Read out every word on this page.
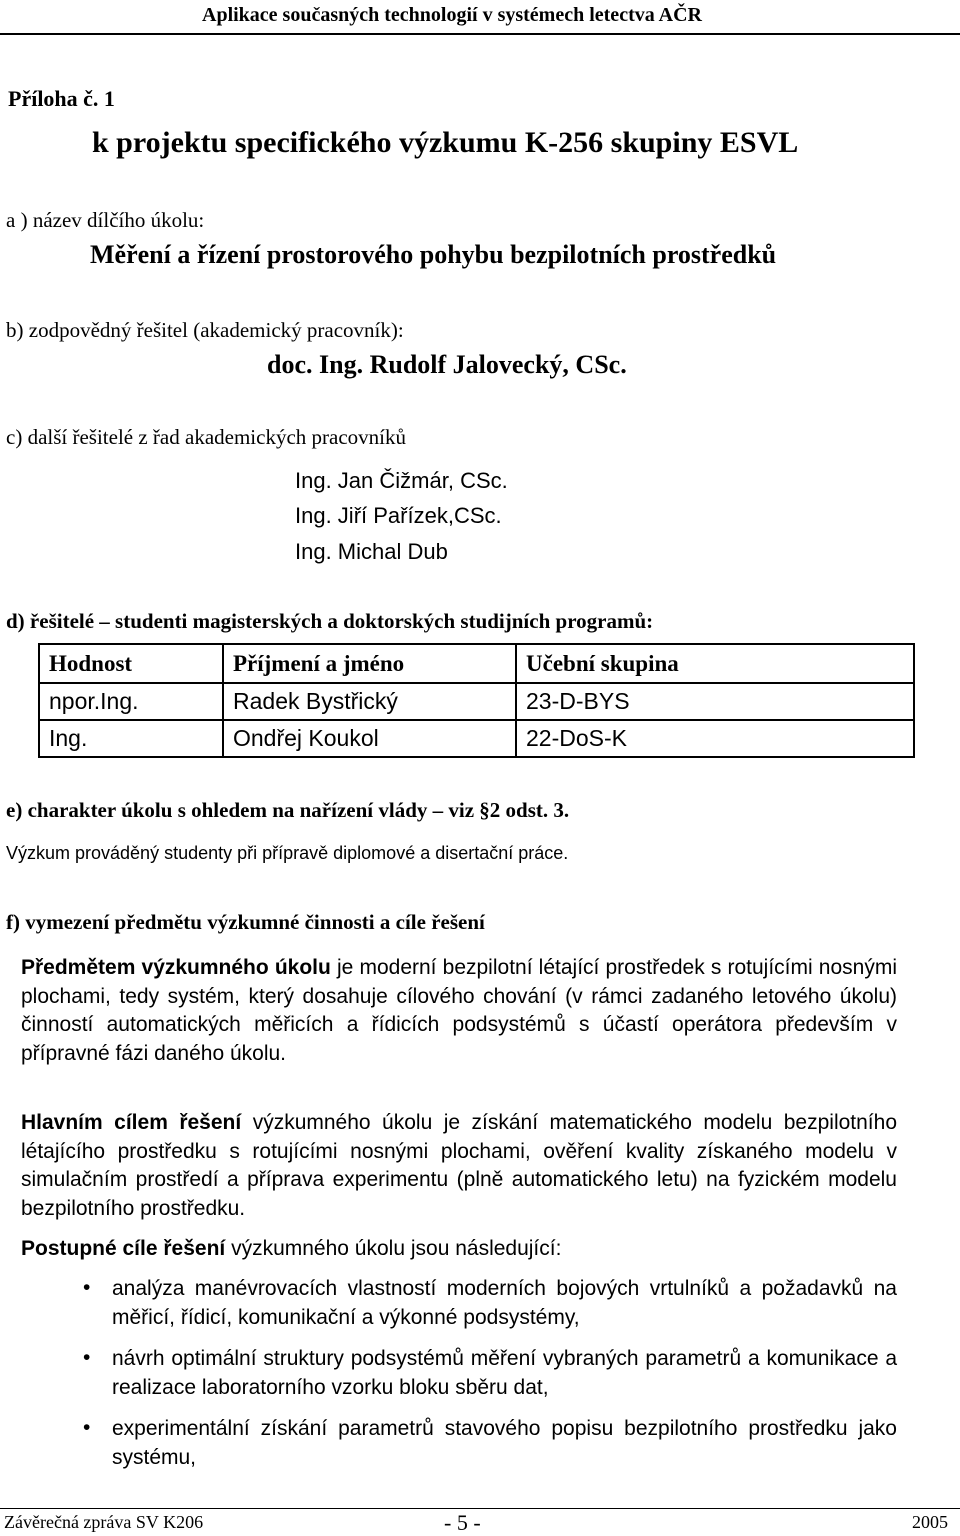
Aplikace současných technologií v systémech letectva AČR
Příloha č. 1
k projektu specifického výzkumu K-256 skupiny ESVL
a ) název dílčího úkolu:
Měření a řízení prostorového pohybu bezpilotních prostředků
b) zodpovědný řešitel (akademický pracovník):
doc. Ing. Rudolf Jalovecký, CSc.
c) další řešitelé z řad akademických pracovníků
Ing. Jan Čižmár, CSc.
Ing. Jiří Pařízek,CSc.
Ing. Michal Dub
d) řešitelé – studenti magisterských a doktorských studijních programů:
Hodnost	Příjmení a jméno	Učební skupina
npor.Ing.	Radek Bystřický	23-D-BYS
Ing.	Ondřej Koukol	22-DoS-K
e) charakter úkolu s ohledem na nařízení vlády – viz §2 odst. 3.
Výzkum prováděný studenty při přípravě diplomové a disertační práce.
f) vymezení předmětu výzkumné činnosti a cíle řešení
Předmětem výzkumného úkolu je moderní bezpilotní létající prostředek s rotujícími nosnými plochami, tedy systém, který dosahuje cílového chování (v rámci zadaného letového úkolu) činností automatických měřicích a řídicích podsystémů s účastí operátora především v přípravné fázi daného úkolu.
Hlavním cílem řešení výzkumného úkolu je získání matematického modelu bezpilotního létajícího prostředku s rotujícími nosnými plochami, ověření kvality získaného modelu v simulačním prostředí a příprava experimentu (plně automatického letu) na fyzickém modelu bezpilotního prostředku.
Postupné cíle řešení výzkumného úkolu jsou následující:
• analýza manévrovacích vlastností moderních bojových vrtulníků a požadavků na měřicí, řídicí, komunikační a výkonné podsystémy,
• návrh optimální struktury podsystémů měření vybraných parametrů a komunikace a realizace laboratorního vzorku bloku sběru dat,
• experimentální získání parametrů stavového popisu bezpilotního prostředku jako systému,
Závěrečná zpráva SV K206	- 5 -	2005
